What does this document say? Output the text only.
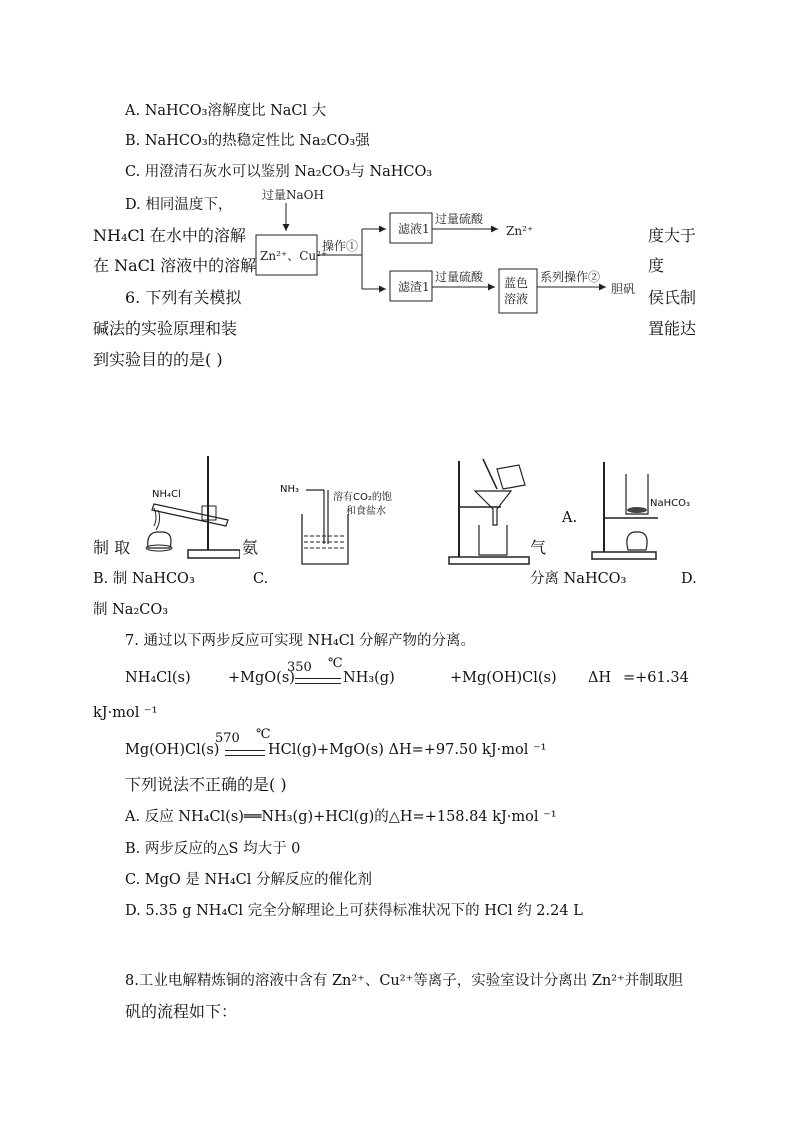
A. NaHCO₃溶解度比 NaCl 大
B. NaHCO₃的热稳定性比 Na₂CO₃强
C. 用澄清石灰水可以鉴别 Na₂CO₃与 NaHCO₃
D. 相同温度下，
NH₄Cl 在水中的溶解
在 NaCl 溶液中的溶解
度大于
度
6. 下列有关模拟
碱法的实验原理和装
到实验目的的是( )
侯氏制
置能达
过量NaOH
Zn²⁺、Cu²⁺
操作①
滤液1
滤渣1
过量硫酸
Zn²⁺
过量硫酸 蓝色
溶液
系列操作②
胆矾
NH₄Cl	NH₃
溶有CO₂的饱
和食盐水
NaHCO₃
A.
制 取	氨	气
B. 制 NaHCO₃	C.	分离 NaHCO₃	D.
制 Na₂CO₃
7. 通过以下两步反应可实现 NH₄Cl 分解产物的分离。
NH₄Cl(s)	+MgO(s)
350 ℃
NH₃(g)	+Mg(OH)Cl(s) ΔH =+61.34
kJ·mol ⁻¹
Mg(OH)Cl(s)
570 ℃
HCl(g)+MgO(s) ΔH=+97.50 kJ·mol ⁻¹
下列说法不正确的是( )
A. 反应 NH₄Cl(s)══NH₃(g)+HCl(g)的△H=+158.84 kJ·mol ⁻¹
B. 两步反应的△S 均大于 0
C. MgO 是 NH₄Cl 分解反应的催化剂
D. 5.35 g NH₄Cl 完全分解理论上可获得标准状况下的 HCl 约 2.24 L
8.工业电解精炼铜的溶液中含有 Zn²⁺、Cu²⁺等离子，实验室设计分离出 Zn²⁺并制取胆
矾的流程如下：
